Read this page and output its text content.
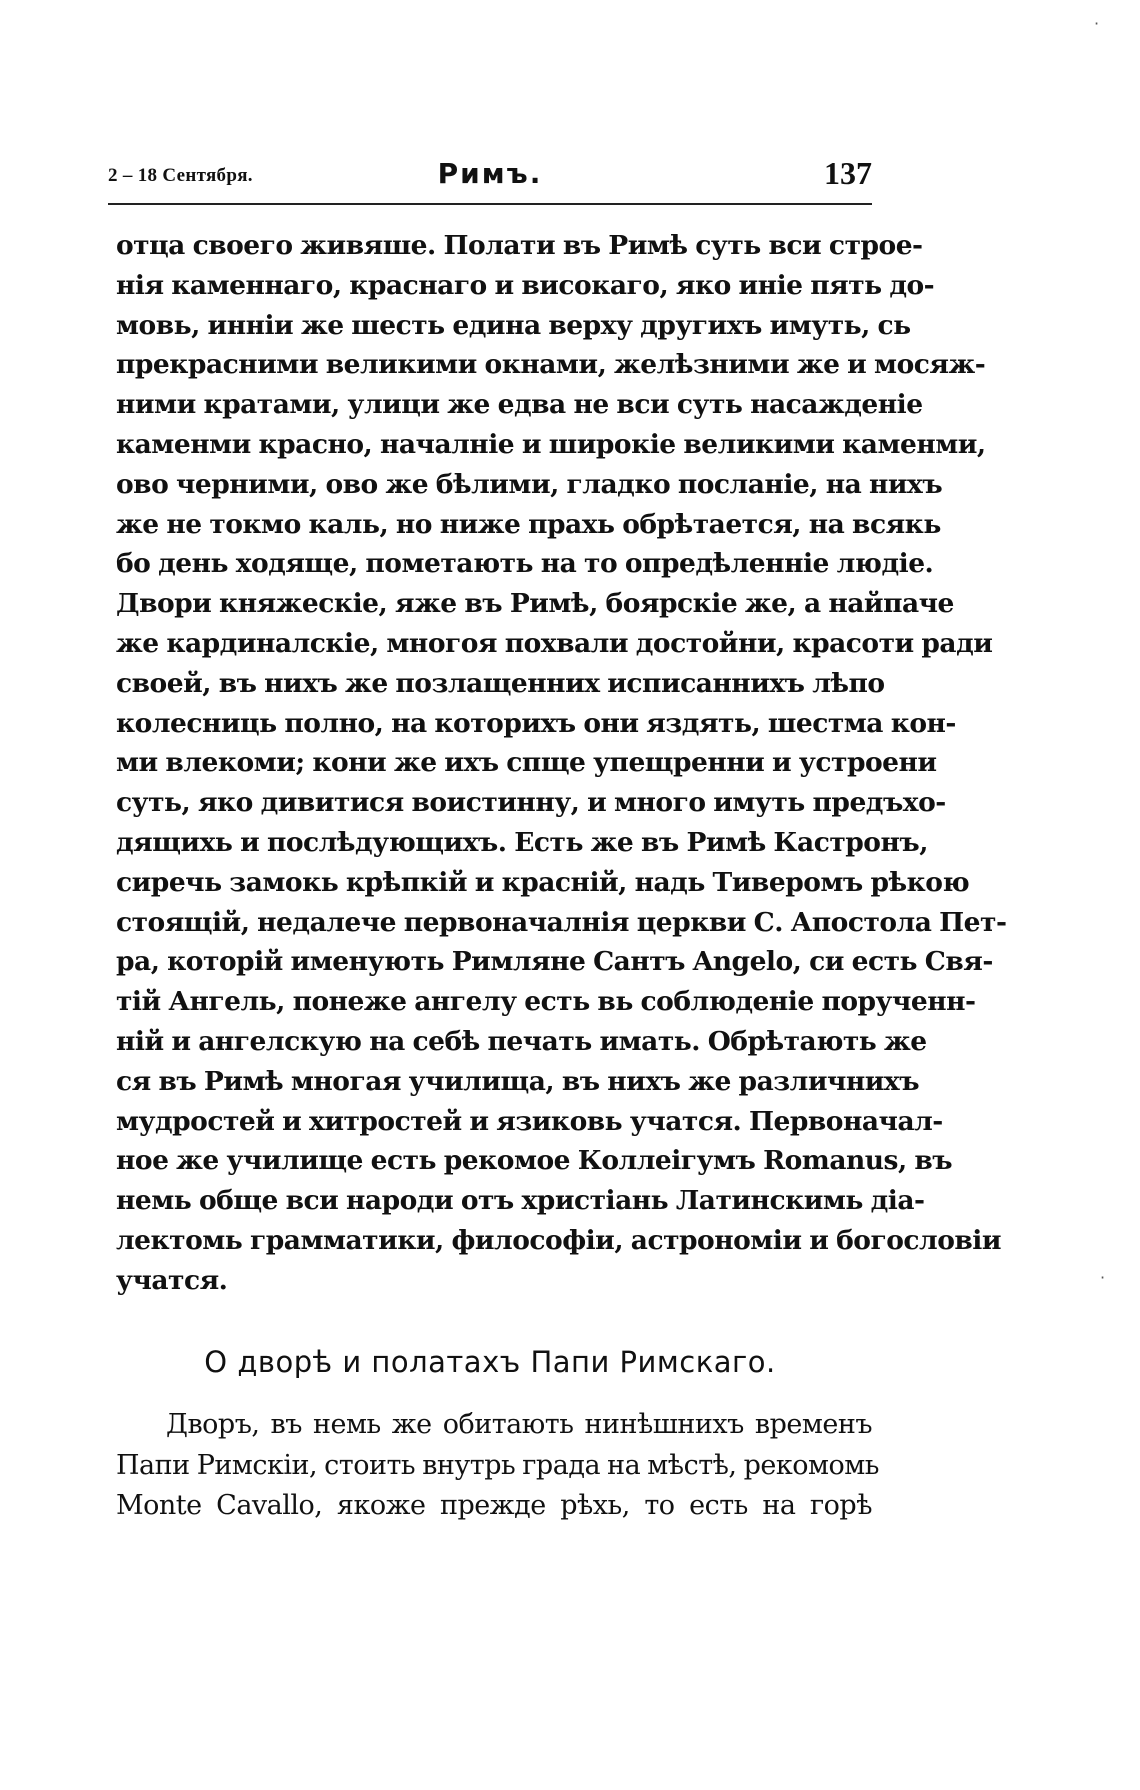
·
2 – 18 Сентября.	Римъ.	137
отца своего живяше. Полати въ Римѣ суть вси строе-
нія каменнаго, краснаго и високаго, яко иніе пять до-
мовь, инніи же шесть едина верху другихъ имуть, сь
прекрасними великими окнами, желѣзними же и мосяж-
ними кратами, улици же едва не вси суть насажденіе
каменми красно, началніе и широкіе великими каменми,
ово черними, ово же бѣлими, гладко посланіе, на нихъ
же не токмо каль, но ниже прахь обрѣтается, на всякь
бо день ходяще, пометають на то опредѣленніе людіе.
Двори княжескіе, яже въ Римѣ, боярскіе же, а найпаче
же кардиналскіе, многоя похвали достойни, красоти ради
своей, въ нихъ же позлащенних исписаннихъ лѣпо
колесниць полно, на которихъ они яздять, шестма кон-
ми влекоми; кони же ихъ спще упещренни и устроени
суть, яко дивитися воистинну, и много имуть предъхо-
дящихь и послѣдующихъ. Есть же въ Римѣ Кастронъ,
сиречь замокь крѣпкій и красній, надь Тиверомъ рѣкою
стоящій, недалече первоначалнія церкви С. Апостола Пет-
ра, которій именують Римляне Сантъ Angelo, си есть Свя-
тій Ангель, понеже ангелу есть вь соблюденіе порученн-
ній и ангелскую на себѣ печать имать. Обрѣтають же
ся въ Римѣ многая училища, въ нихъ же различнихъ
мудростей и хитростей и язиковь учатся. Первоначал-
ное же училище есть рекомое Коллеігумъ Romanus, въ
немь обще вси народи отъ христіань Латинскимь діа-
лектомь грамматики, философіи, астрономіи и богословіи
учатся.	·
О дворѣ и полатахъ Папи Римскаго.
Дворъ, въ немь же обитають нинѣшнихъ временъ
Папи Римскіи, стоить внутрь града на мѣстѣ, рекомомь
Monte Cavallo, якоже прежде рѣхь, то есть на горѣ
